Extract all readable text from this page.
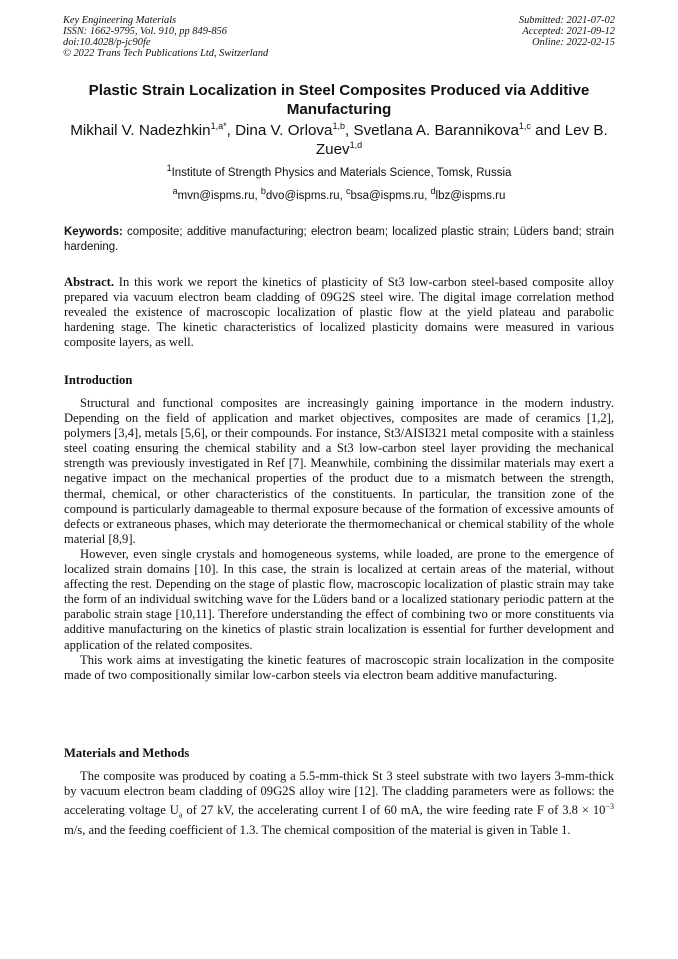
Key Engineering Materials
ISSN: 1662-9795, Vol. 910, pp 849-856
doi:10.4028/p-jc90fe
© 2022 Trans Tech Publications Ltd, Switzerland
Submitted: 2021-07-02
Accepted: 2021-09-12
Online: 2022-02-15
Plastic Strain Localization in Steel Composites Produced via Additive Manufacturing
Mikhail V. Nadezhkin$^{1,a*}$, Dina V. Orlova$^{1,b}$, Svetlana A. Barannikova$^{1,c}$ and Lev B. Zuev$^{1,d}$
$^1$Institute of Strength Physics and Materials Science, Tomsk, Russia
$^a$mvn@ispms.ru, $^b$dvo@ispms.ru, $^c$bsa@ispms.ru, $^d$lbz@ispms.ru
Keywords: composite; additive manufacturing; electron beam; localized plastic strain; Lüders band; strain hardening.
Abstract. In this work we report the kinetics of plasticity of St3 low-carbon steel-based composite alloy prepared via vacuum electron beam cladding of 09G2S steel wire. The digital image correlation method revealed the existence of macroscopic localization of plastic flow at the yield plateau and parabolic hardening stage. The kinetic characteristics of localized plasticity domains were measured in various composite layers, as well.
Introduction

Structural and functional composites are increasingly gaining importance in the modern industry. Depending on the field of application and market objectives, composites are made of ceramics [1,2], polymers [3,4], metals [5,6], or their compounds. For instance, St3/AISI321 metal composite with a stainless steel coating ensuring the chemical stability and a St3 low-carbon steel layer providing the mechanical strength was previously investigated in Ref [7]. Meanwhile, combining the dissimilar materials may exert a negative impact on the mechanical properties of the product due to a mismatch between the strength, thermal, chemical, or other characteristics of the constituents. In particular, the transition zone of the compound is particularly damageable to thermal exposure because of the formation of excessive amounts of defects or extraneous phases, which may deteriorate the thermomechanical or chemical stability of the whole material [8,9].

However, even single crystals and homogeneous systems, while loaded, are prone to the emergence of localized strain domains [10]. In this case, the strain is localized at certain areas of the material, without affecting the rest. Depending on the stage of plastic flow, macroscopic localization of plastic strain may take the form of an individual switching wave for the Lüders band or a localized stationary periodic pattern at the parabolic strain stage [10,11]. Therefore understanding the effect of combining two or more constituents via additive manufacturing on the kinetics of plastic strain localization is essential for further development and application of the related composites.

This work aims at investigating the kinetic features of macroscopic strain localization in the composite made of two compositionally similar low-carbon steels via electron beam additive manufacturing.

Materials and Methods

The composite was produced by coating a 5.5-mm-thick St 3 steel substrate with two layers 3-mm-thick by vacuum electron beam cladding of 09G2S alloy wire [12]. The cladding parameters were as follows: the accelerating voltage $U_a$ of 27 kV, the accelerating current I of 60 mA, the wire feeding rate F of $3.8 \times 10^{-3}$ m/s, and the feeding coefficient of 1.3. The chemical composition of the material is given in Table 1.
